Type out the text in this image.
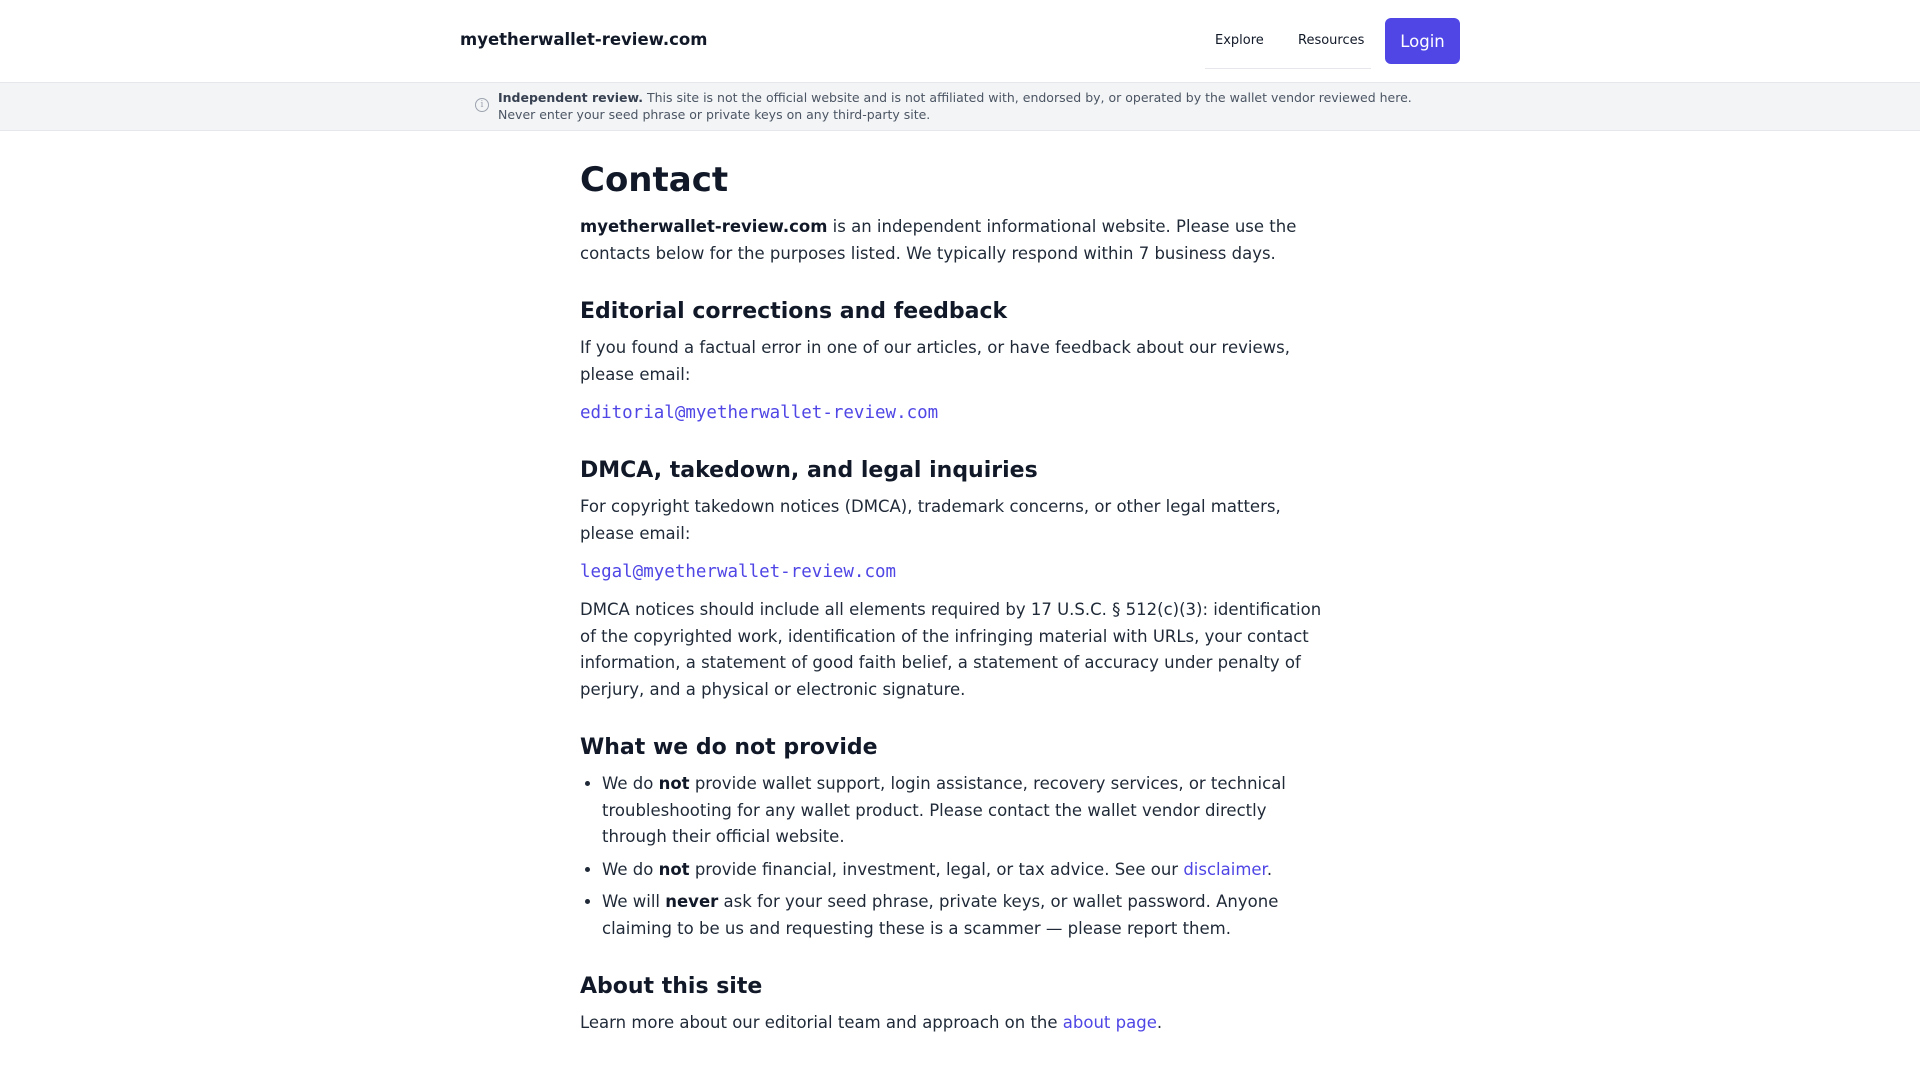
myetherwallet-review.com	Explore	Resources	Login
i	Independent review. This site is not the official website and is not affiliated with, endorsed by, or operated by the wallet vendor reviewed here. Never enter your seed phrase or private keys on any third-party site.
Contact

myetherwallet-review.com is an independent informational website. Please use the contacts below for the purposes listed. We typically respond within 7 business days.

Editorial corrections and feedback

If you found a factual error in one of our articles, or have feedback about our reviews, please email:

editorial@myetherwallet-review.com
DMCA, takedown, and legal inquiries

For copyright takedown notices (DMCA), trademark concerns, or other legal matters, please email:

legal@myetherwallet-review.com

DMCA notices should include all elements required by 17 U.S.C. § 512(c)(3): identification of the copyrighted work, identification of the infringing material with URLs, your contact information, a statement of good faith belief, a statement of accuracy under penalty of perjury, and a physical or electronic signature.

What we do not provide
• We do not provide wallet support, login assistance, recovery services, or technical troubleshooting for any wallet product. Please contact the wallet vendor directly through their official website.
• We do not provide financial, investment, legal, or tax advice. See our disclaimer.
• We will never ask for your seed phrase, private keys, or wallet password. Anyone claiming to be us and requesting these is a scammer — please report them.
About this site

Learn more about our editorial team and approach on the about page.
